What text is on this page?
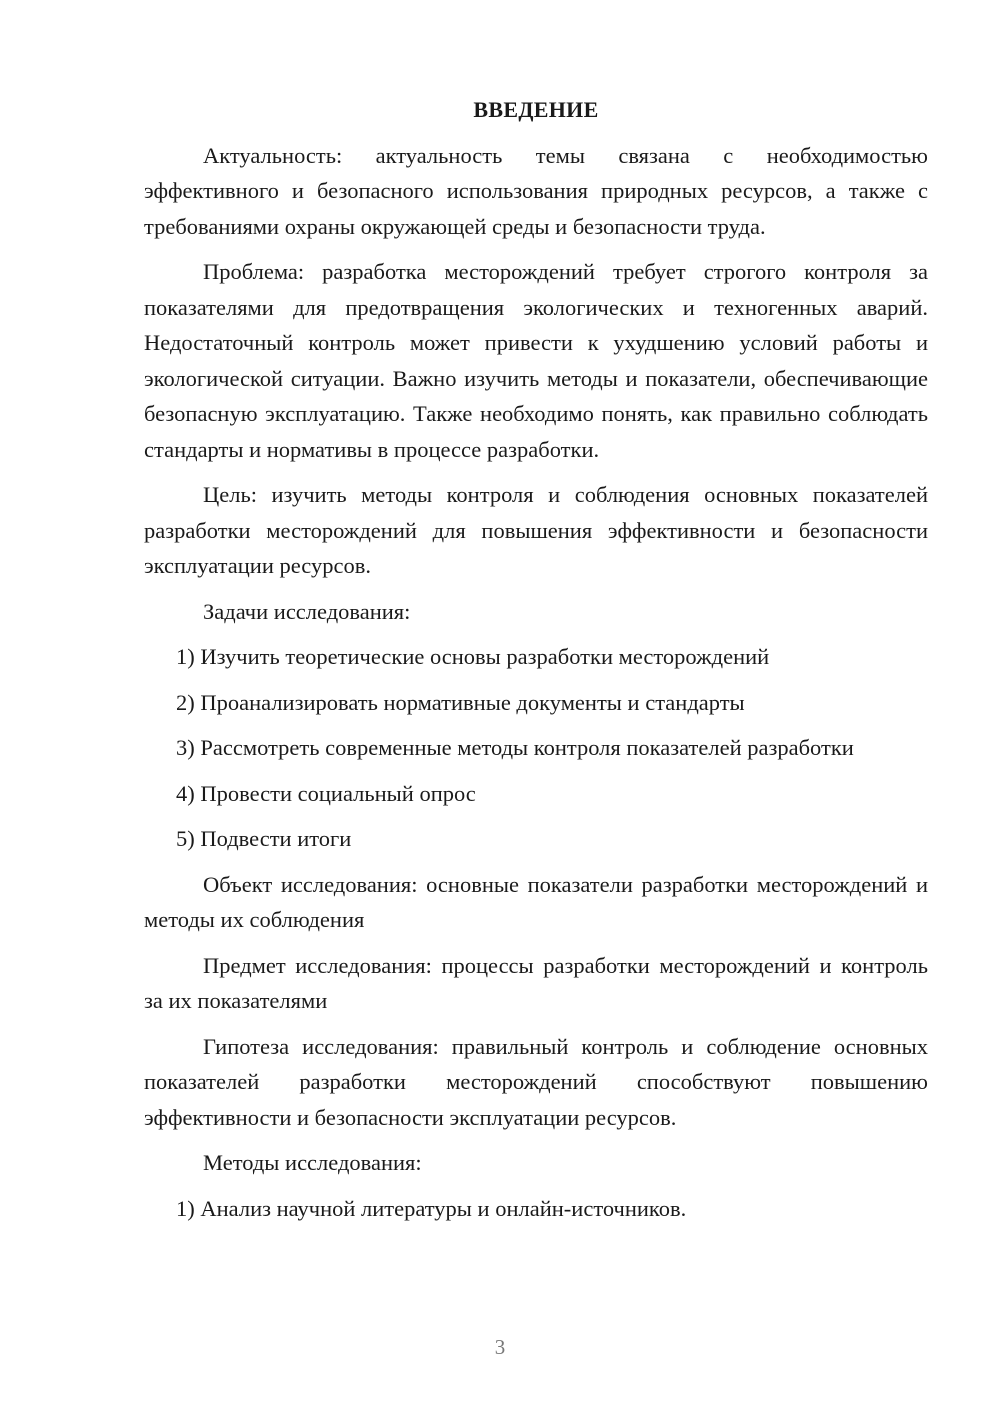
ВВЕДЕНИЕ

Актуальность: актуальность темы связана с необходимостью эффективного и безопасного использования природных ресурсов, а также с требованиями охраны окружающей среды и безопасности труда.

Проблема: разработка месторождений требует строгого контроля за показателями для предотвращения экологических и техногенных аварий. Недостаточный контроль может привести к ухудшению условий работы и экологической ситуации. Важно изучить методы и показатели, обеспечивающие безопасную эксплуатацию. Также необходимо понять, как правильно соблюдать стандарты и нормативы в процессе разработки.

Цель: изучить методы контроля и соблюдения основных показателей разработки месторождений для повышения эффективности и безопасности эксплуатации ресурсов.

Задачи исследования:

1) Изучить теоретические основы разработки месторождений

2) Проанализировать нормативные документы и стандарты

3) Рассмотреть современные методы контроля показателей разработки

4) Провести социальный опрос

5) Подвести итоги

Объект исследования: основные показатели разработки месторождений и методы их соблюдения

Предмет исследования: процессы разработки месторождений и контроль за их показателями

Гипотеза исследования: правильный контроль и соблюдение основных показателей разработки месторождений способствуют повышению эффективности и безопасности эксплуатации ресурсов.

Методы исследования:

1) Анализ научной литературы и онлайн-источников.

3
